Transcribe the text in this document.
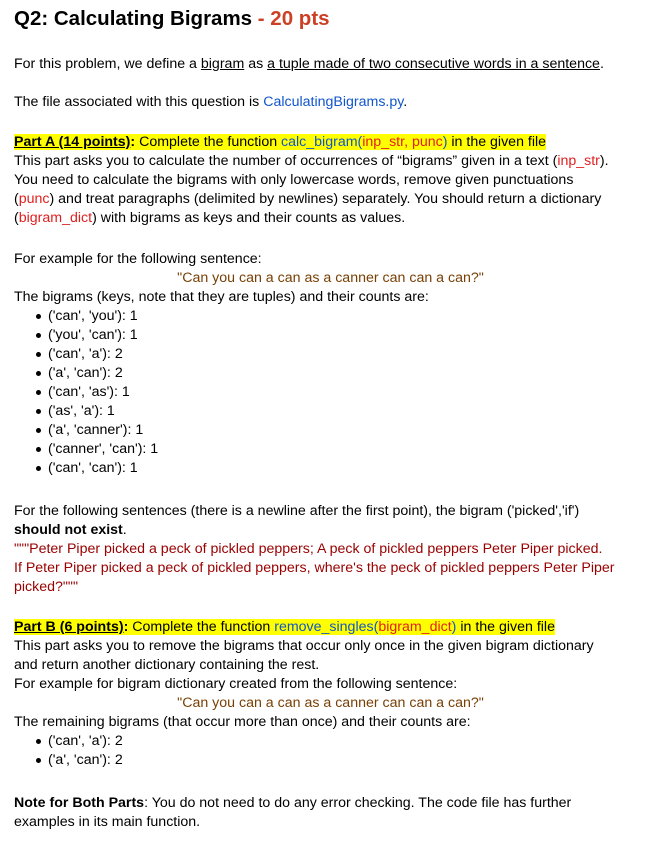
Q2: Calculating Bigrams - 20 pts
For this problem, we define a bigram as a tuple made of two consecutive words in a sentence.
The file associated with this question is CalculatingBigrams.py.
Part A (14 points): Complete the function calc_bigram(inp_str, punc) in the given file
This part asks you to calculate the number of occurrences of “bigrams” given in a text (inp_str).
You need to calculate the bigrams with only lowercase words, remove given punctuations
(punc) and treat paragraphs (delimited by newlines) separately. You should return a dictionary
(bigram_dict) with bigrams as keys and their counts as values.
For example for the following sentence:
"Can you can a can as a canner can can a can?"
The bigrams (keys, note that they are tuples) and their counts are:
('can', 'you'): 1
('you', 'can'): 1
('can', 'a'): 2
('a', 'can'): 2
('can', 'as'): 1
('as', 'a'): 1
('a', 'canner'): 1
('canner', 'can'): 1
('can', 'can'): 1
For the following sentences (there is a newline after the first point), the bigram ('picked','if')
should not exist.
"""Peter Piper picked a peck of pickled peppers; A peck of pickled peppers Peter Piper picked.
If Peter Piper picked a peck of pickled peppers, where's the peck of pickled peppers Peter Piper
picked?"""
Part B (6 points): Complete the function remove_singles(bigram_dict) in the given file
This part asks you to remove the bigrams that occur only once in the given bigram dictionary
and return another dictionary containing the rest.
For example for bigram dictionary created from the following sentence:
"Can you can a can as a canner can can a can?"
The remaining bigrams (that occur more than once) and their counts are:
('can', 'a'): 2
('a', 'can'): 2
Note for Both Parts: You do not need to do any error checking. The code file has further
examples in its main function.
